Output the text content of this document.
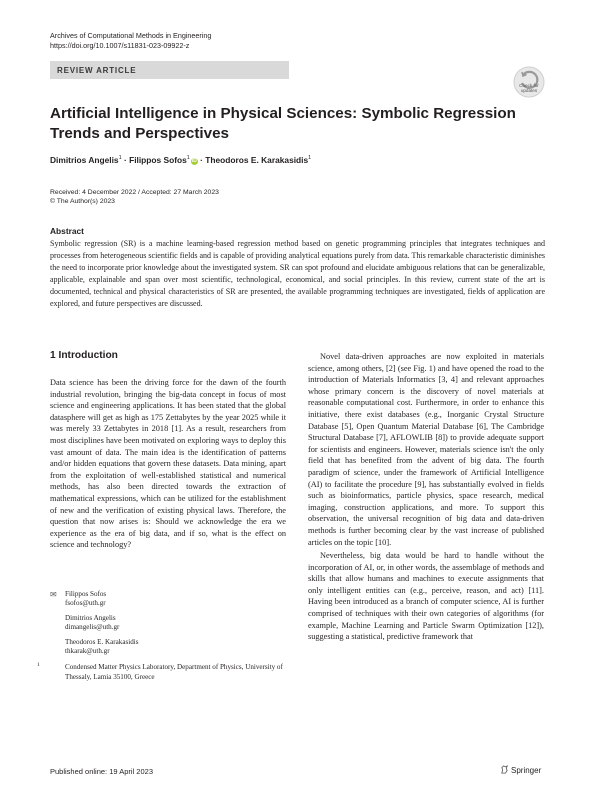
Archives of Computational Methods in Engineering
https://doi.org/10.1007/s11831-023-09922-z
REVIEW ARTICLE
Check for
updates
Artificial Intelligence in Physical Sciences: Symbolic Regression Trends and Perspectives
Dimitrios Angelis$^1$ · Filippos Sofos$^1$ iD · Theodoros E. Karakasidis$^1$
Received: 4 December 2022 / Accepted: 27 March 2023
© The Author(s) 2023
Abstract
Symbolic regression (SR) is a machine learning-based regression method based on genetic programming principles that integrates techniques and processes from heterogeneous scientific fields and is capable of providing analytical equations purely from data. This remarkable characteristic diminishes the need to incorporate prior knowledge about the investigated system. SR can spot profound and elucidate ambiguous relations that can be generalizable, applicable, explainable and span over most scientific, technological, economical, and social principles. In this review, current state of the art is documented, technical and physical characteristics of SR are presented, the available programming techniques are investigated, fields of application are explored, and future perspectives are discussed.
1 Introduction

Data science has been the driving force for the dawn of the fourth industrial revolution, bringing the big-data concept in focus of most science and engineering applications. It has been stated that the global datasphere will get as high as 175 Zettabytes by the year 2025 while it was merely 33 Zettabytes in 2018 [1]. As a result, researchers from most disciplines have been motivated on exploring ways to deploy this vast amount of data. The main idea is the identification of patterns and/or hidden equations that govern these datasets. Data mining, apart from the exploitation of well-established statistical and numerical methods, has also been directed towards the extraction of mathematical expressions, which can be utilized for the establishment of new and the verification of existing physical laws. Therefore, the question that now arises is: Should we acknowledge the era we experience as the era of big data, and if so, what is the effect on science and technology?

Novel data-driven approaches are now exploited in materials science, among others, [2] (see Fig. 1) and have opened the road to the introduction of Materials Informatics [3, 4] and relevant approaches whose primary concern is the discovery of novel materials at reasonable computational cost. Furthermore, in order to enhance this initiative, there exist databases (e.g., Inorganic Crystal Structure Database [5], Open Quantum Material Database [6], The Cambridge Structural Database [7], AFLOWLIB [8]) to provide adequate support for scientists and engineers. However, materials science isn't the only field that has benefited from the advent of big data. The fourth paradigm of science, under the framework of Artificial Intelligence (AI) to facilitate the procedure [9], has substantially evolved in fields such as bioinformatics, particle physics, space research, medical imaging, construction applications, and more. To support this observation, the universal recognition of big data and data-driven methods is further becoming clear by the vast increase of published articles on the topic [10].

Nevertheless, big data would be hard to handle without the incorporation of AI, or, in other words, the assemblage of methods and skills that allow humans and machines to execute assignments that only intelligent entities can (e.g., perceive, reason, and act) [11]. Having been introduced as a branch of computer science, AI is further comprised of techniques with their own categories of algorithms (for example, Machine Learning and Particle Swarm Optimization [12]), suggesting a statistical, predictive framework that

✉ Filippos Sofos
fsofos@uth.gr
Dimitrios Angelis
dimangelis@uth.gr
Theodoros E. Karakasidis
thkarak@uth.gr
1	Condensed Matter Physics Laboratory, Department of Physics, University of Thessaly, Lamia 35100, Greece
Published online: 19 April 2023	Springer
